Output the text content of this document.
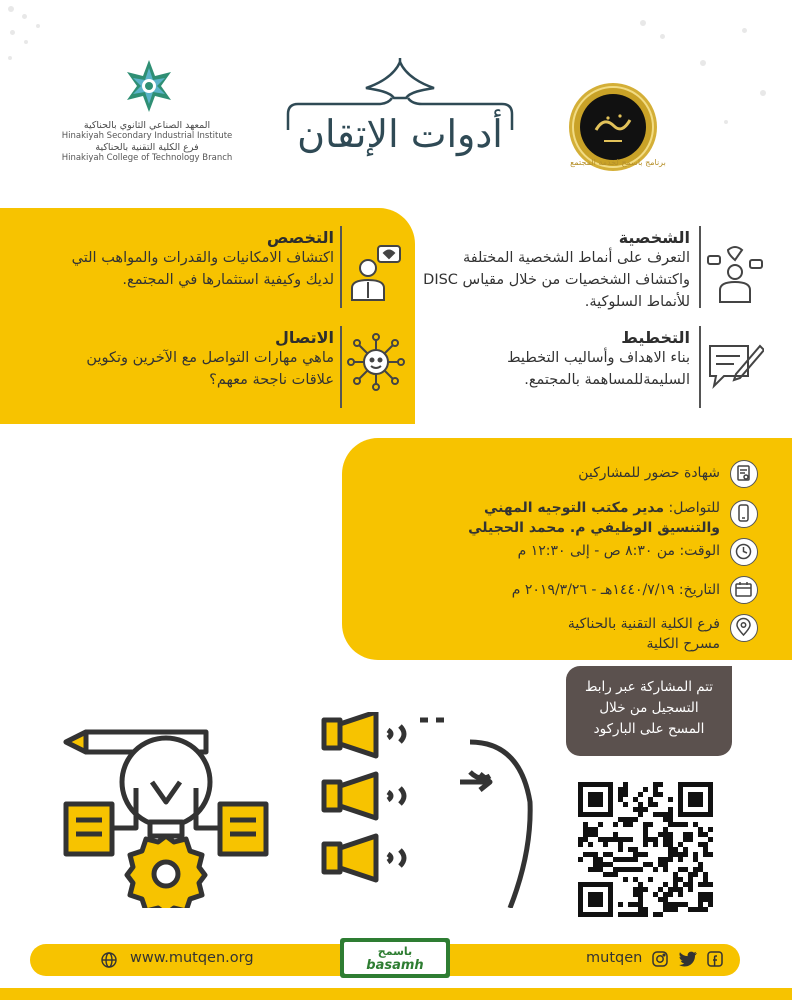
المعهد الصناعي الثانوي بالحناكية
Hinakiyah Secondary Industrial Institute
فرع الكلية التقنية بالحناكية
Hinakiyah College of Technology Branch
أدوات الإتقان
برنامج باسمح لخدمة المجتمع
الشخصية
التعرف على أنماط الشخصية المختلفة واكتشاف الشخصيات من خلال مقياس DISC للأنماط السلوكية.
التخطيط
بناء الاهداف وأساليب التخطيط السليمةللمساهمة بالمجتمع.
التخصص
اكتشاف الامكانيات والقدرات والمواهب التي لديك وكيفية استثمارها في المجتمع.
الاتصال
ماهي مهارات التواصل مع الآخرين وتكوين علاقات ناجحة معهم؟
شهادة حضور للمشاركين
للتواصل: مدير مكتب التوجيه المهني
والتنسيق الوظيفي م. محمد الحجيلي
الوقت: من ٨:٣٠ ص - إلى ١٢:٣٠ م
التاريخ: ١٤٤٠/٧/١٩هـ - ٢٠١٩/٣/٢٦ م
فرع الكلية التقنية بالحناكية
مسرح الكلية
تتم المشاركة عبر رابط
التسجيل من خلال
المسح على الباركود
www.mutqen.org	باسمح
basamh	mutqen
